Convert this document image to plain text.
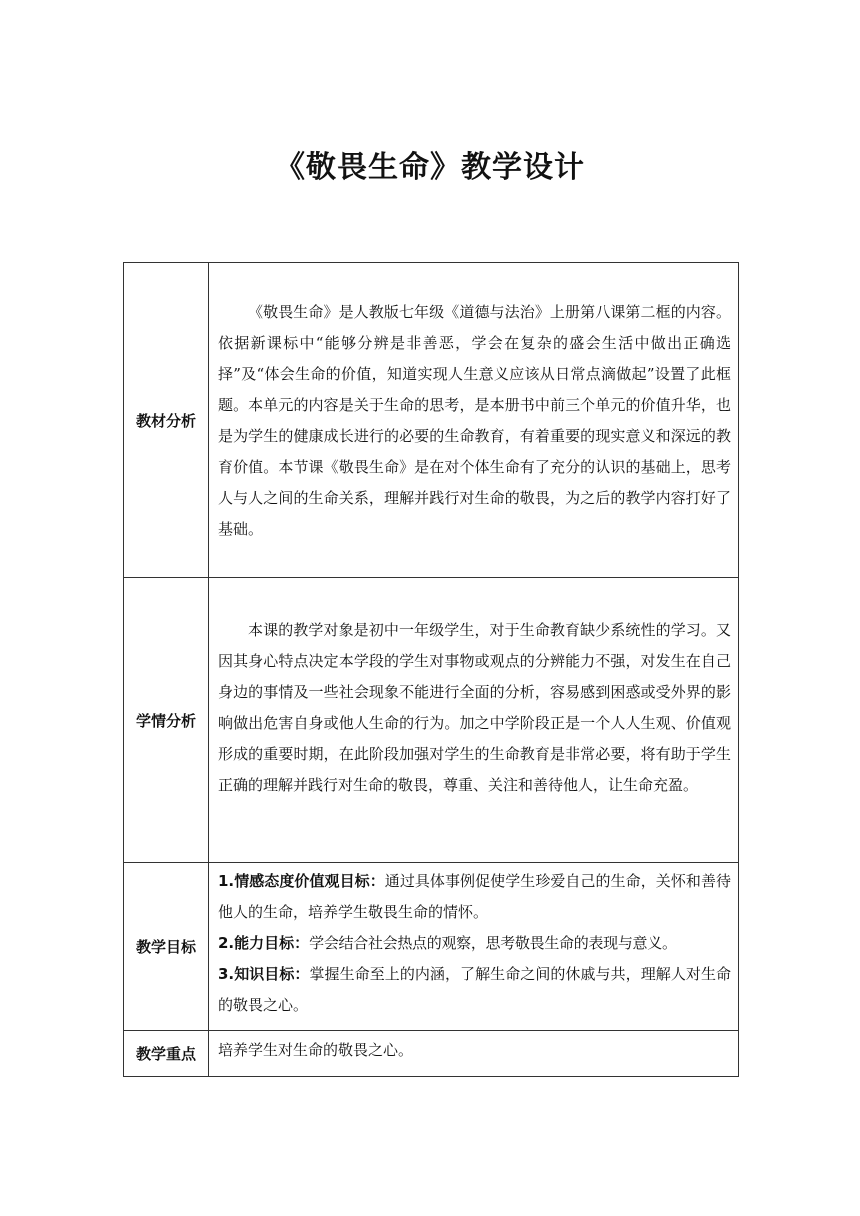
《敬畏生命》教学设计
教材分析	《敬畏生命》是人教版七年级《道德与法治》上册第八课第二框的内容。依据新课标中“能够分辨是非善恶，学会在复杂的盛会生活中做出正确选择”及“体会生命的价值，知道实现人生意义应该从日常点滴做起”设置了此框题。本单元的内容是关于生命的思考，是本册书中前三个单元的价值升华，也是为学生的健康成长进行的必要的生命教育，有着重要的现实意义和深远的教育价值。本节课《敬畏生命》是在对个体生命有了充分的认识的基础上，思考人与人之间的生命关系，理解并践行对生命的敬畏，为之后的教学内容打好了基础。

学情分析	本课的教学对象是初中一年级学生，对于生命教育缺少系统性的学习。又因其身心特点决定本学段的学生对事物或观点的分辨能力不强，对发生在自己身边的事情及一些社会现象不能进行全面的分析，容易感到困惑或受外界的影响做出危害自身或他人生命的行为。加之中学阶段正是一个人人生观、价值观形成的重要时期，在此阶段加强对学生的生命教育是非常必要，将有助于学生正确的理解并践行对生命的敬畏，尊重、关注和善待他人，让生命充盈。

教学目标	1.情感态度价值观目标：通过具体事例促使学生珍爱自己的生命，关怀和善待他人的生命，培养学生敬畏生命的情怀。

2.能力目标：学会结合社会热点的观察，思考敬畏生命的表现与意义。

3.知识目标：掌握生命至上的内涵，了解生命之间的休戚与共，理解人对生命的敬畏之心。

教学重点	培养学生对生命的敬畏之心。
